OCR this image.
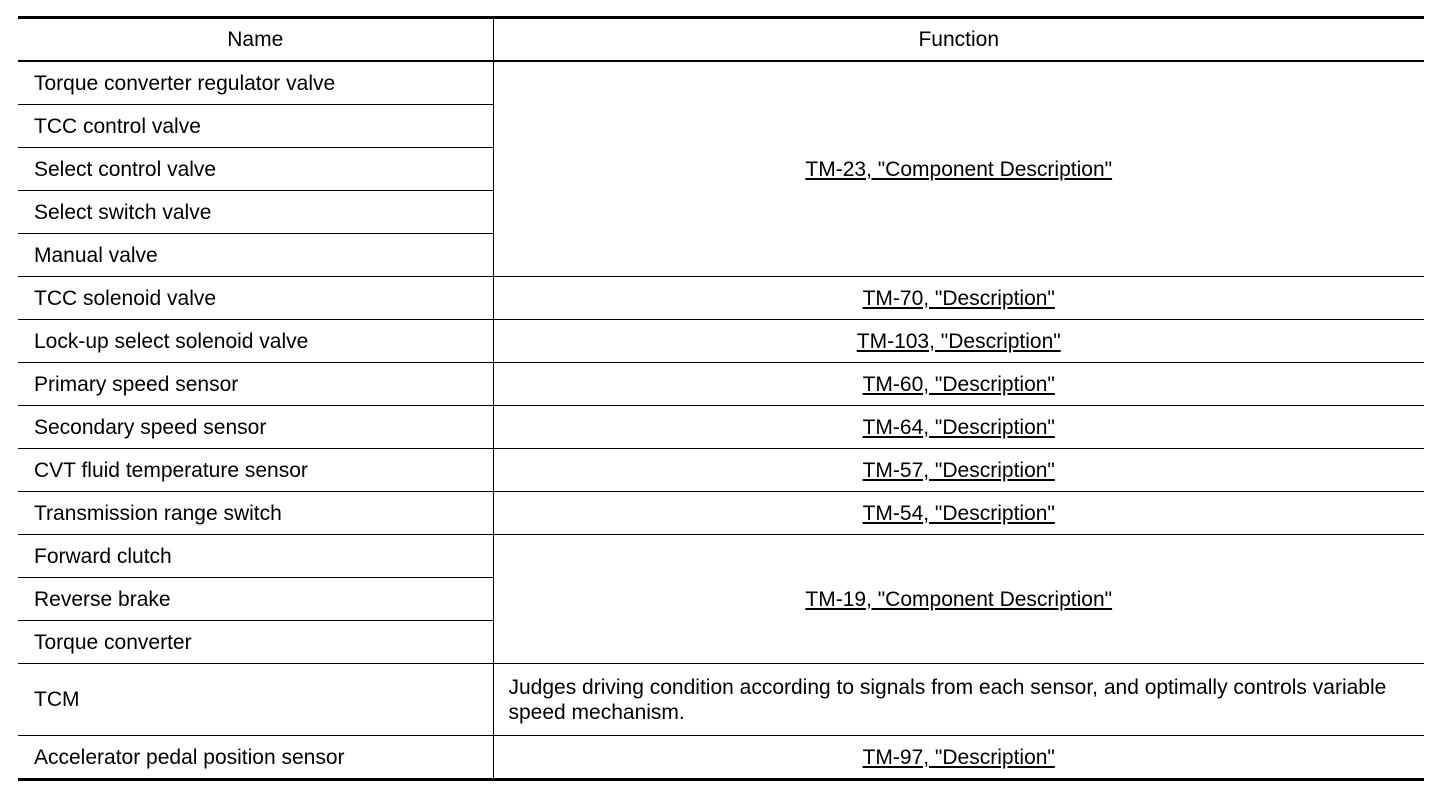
Name	Function
Torque converter regulator valve	TM-23, "Component Description"
TCC control valve	
Select control valve	
Select switch valve	
Manual valve	
TCC solenoid valve	TM-70, "Description"
Lock-up select solenoid valve	TM-103, "Description"
Primary speed sensor	TM-60, "Description"
Secondary speed sensor	TM-64, "Description"
CVT fluid temperature sensor	TM-57, "Description"
Transmission range switch	TM-54, "Description"
Forward clutch	TM-19, "Component Description"
Reverse brake	
Torque converter	
TCM	Judges driving condition according to signals from each sensor, and optimally controls variable speed mechanism.
Accelerator pedal position sensor	TM-97, "Description"
